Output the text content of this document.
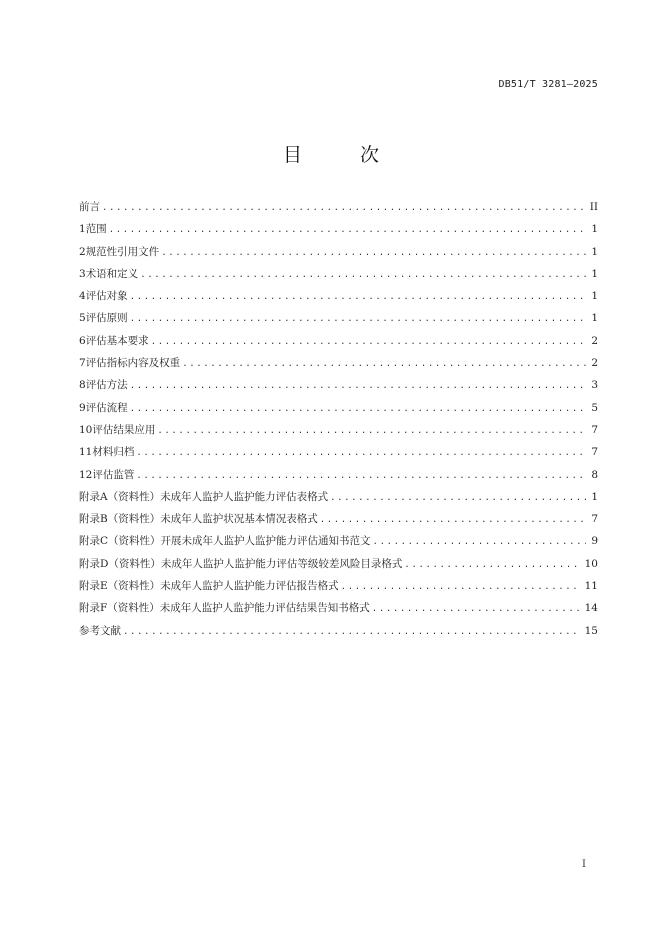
DB51/T 3281—2025
目 次
前言 .....	II
1 范围 .....	1
2 规范性引用文件 .....	1
3 术语和定义 .....	1
4 评估对象 .....	1
5 评估原则 .....	1
6 评估基本要求 .....	2
7 评估指标内容及权重 .....	2
8 评估方法 .....	3
9 评估流程 .....	5
10 评估结果应用 .....	7
11 材料归档 .....	7
12 评估监管 .....	8
附录A（资料性） 未成年人监护人监护能力评估表格式 .....	1
附录B（资料性） 未成年人监护状况基本情况表格式 .....	7
附录C（资料性） 开展未成年人监护人监护能力评估通知书范文 .....	9
附录D（资料性） 未成年人监护人监护能力评估等级较差风险目录格式 .....	10
附录E（资料性） 未成年人监护人监护能力评估报告格式 .....	11
附录F（资料性） 未成年人监护人监护能力评估结果告知书格式 .....	14
参考文献 .....	15
I
